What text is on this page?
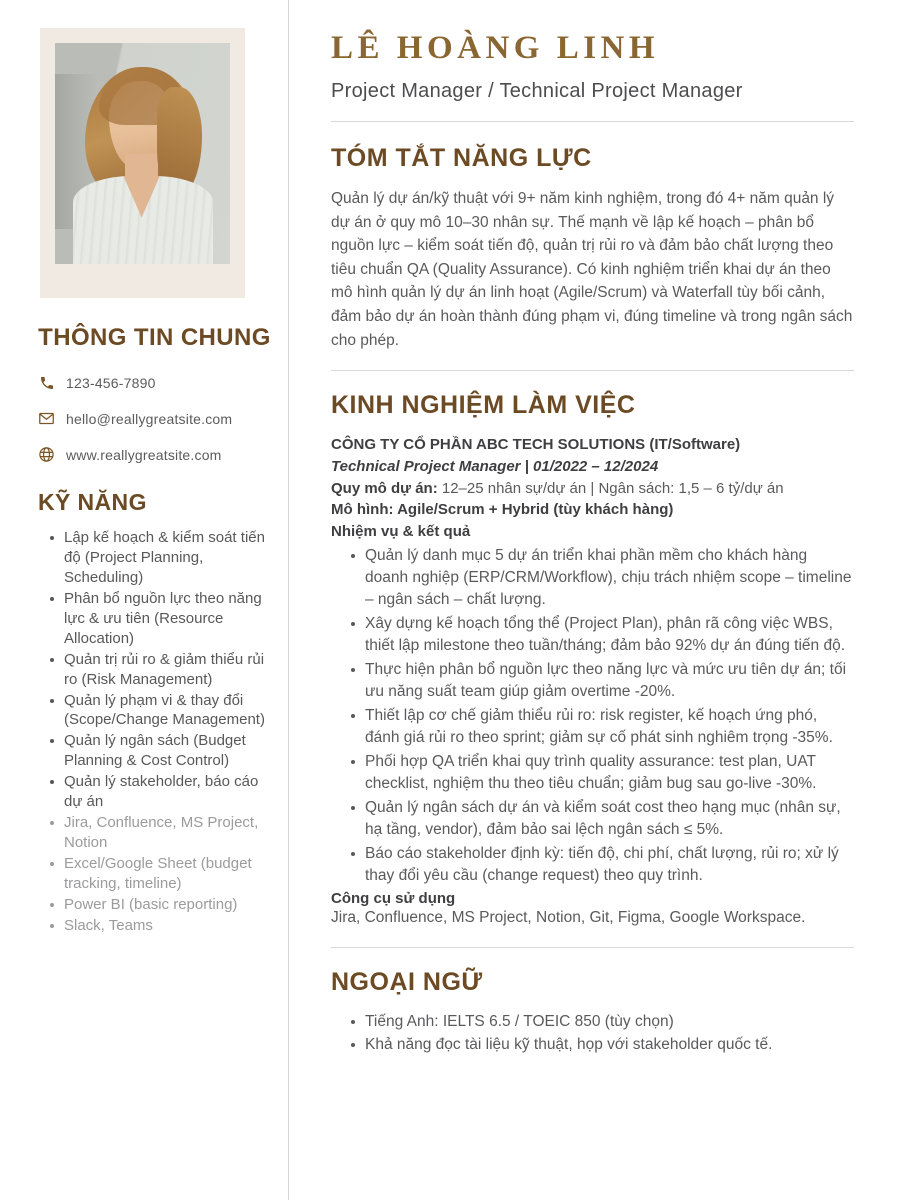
THÔNG TIN CHUNG
123-456-7890
hello@reallygreatsite.com
www.reallygreatsite.com
KỸ NĂNG
Lập kế hoạch & kiểm soát tiến độ (Project Planning, Scheduling)
Phân bổ nguồn lực theo năng lực & ưu tiên (Resource Allocation)
Quản trị rủi ro & giảm thiểu rủi ro (Risk Management)
Quản lý phạm vi & thay đổi (Scope/Change Management)
Quản lý ngân sách (Budget Planning & Cost Control)
Quản lý stakeholder, báo cáo dự án
Jira, Confluence, MS Project, Notion
Excel/Google Sheet (budget tracking, timeline)
Power BI (basic reporting)
Slack, Teams
LÊ HOÀNG LINH
Project Manager / Technical Project Manager
TÓM TẮT NĂNG LỰC

Quản lý dự án/kỹ thuật với 9+ năm kinh nghiệm, trong đó 4+ năm quản lý dự án ở quy mô 10–30 nhân sự. Thế mạnh về lập kế hoạch – phân bổ nguồn lực – kiểm soát tiến độ, quản trị rủi ro và đảm bảo chất lượng theo tiêu chuẩn QA (Quality Assurance). Có kinh nghiệm triển khai dự án theo mô hình quản lý dự án linh hoạt (Agile/Scrum) và Waterfall tùy bối cảnh, đảm bảo dự án hoàn thành đúng phạm vi, đúng timeline và trong ngân sách cho phép.

KINH NGHIỆM LÀM VIỆC
CÔNG TY CỔ PHẦN ABC TECH SOLUTIONS (IT/Software)
Technical Project Manager | 01/2022 – 12/2024
Quy mô dự án: 12–25 nhân sự/dự án | Ngân sách: 1,5 – 6 tỷ/dự án
Mô hình: Agile/Scrum + Hybrid (tùy khách hàng)
Nhiệm vụ & kết quả
Quản lý danh mục 5 dự án triển khai phần mềm cho khách hàng doanh nghiệp (ERP/CRM/Workflow), chịu trách nhiệm scope – timeline – ngân sách – chất lượng.
Xây dựng kế hoạch tổng thể (Project Plan), phân rã công việc WBS, thiết lập milestone theo tuần/tháng; đảm bảo 92% dự án đúng tiến độ.
Thực hiện phân bổ nguồn lực theo năng lực và mức ưu tiên dự án; tối ưu năng suất team giúp giảm overtime -20%.
Thiết lập cơ chế giảm thiểu rủi ro: risk register, kế hoạch ứng phó, đánh giá rủi ro theo sprint; giảm sự cố phát sinh nghiêm trọng -35%.
Phối hợp QA triển khai quy trình quality assurance: test plan, UAT checklist, nghiệm thu theo tiêu chuẩn; giảm bug sau go-live -30%.
Quản lý ngân sách dự án và kiểm soát cost theo hạng mục (nhân sự, hạ tầng, vendor), đảm bảo sai lệch ngân sách ≤ 5%.
Báo cáo stakeholder định kỳ: tiến độ, chi phí, chất lượng, rủi ro; xử lý thay đổi yêu cầu (change request) theo quy trình.
Công cụ sử dụng
Jira, Confluence, MS Project, Notion, Git, Figma, Google Workspace.
NGOẠI NGỮ
Tiếng Anh: IELTS 6.5 / TOEIC 850 (tùy chọn)
Khả năng đọc tài liệu kỹ thuật, họp với stakeholder quốc tế.
